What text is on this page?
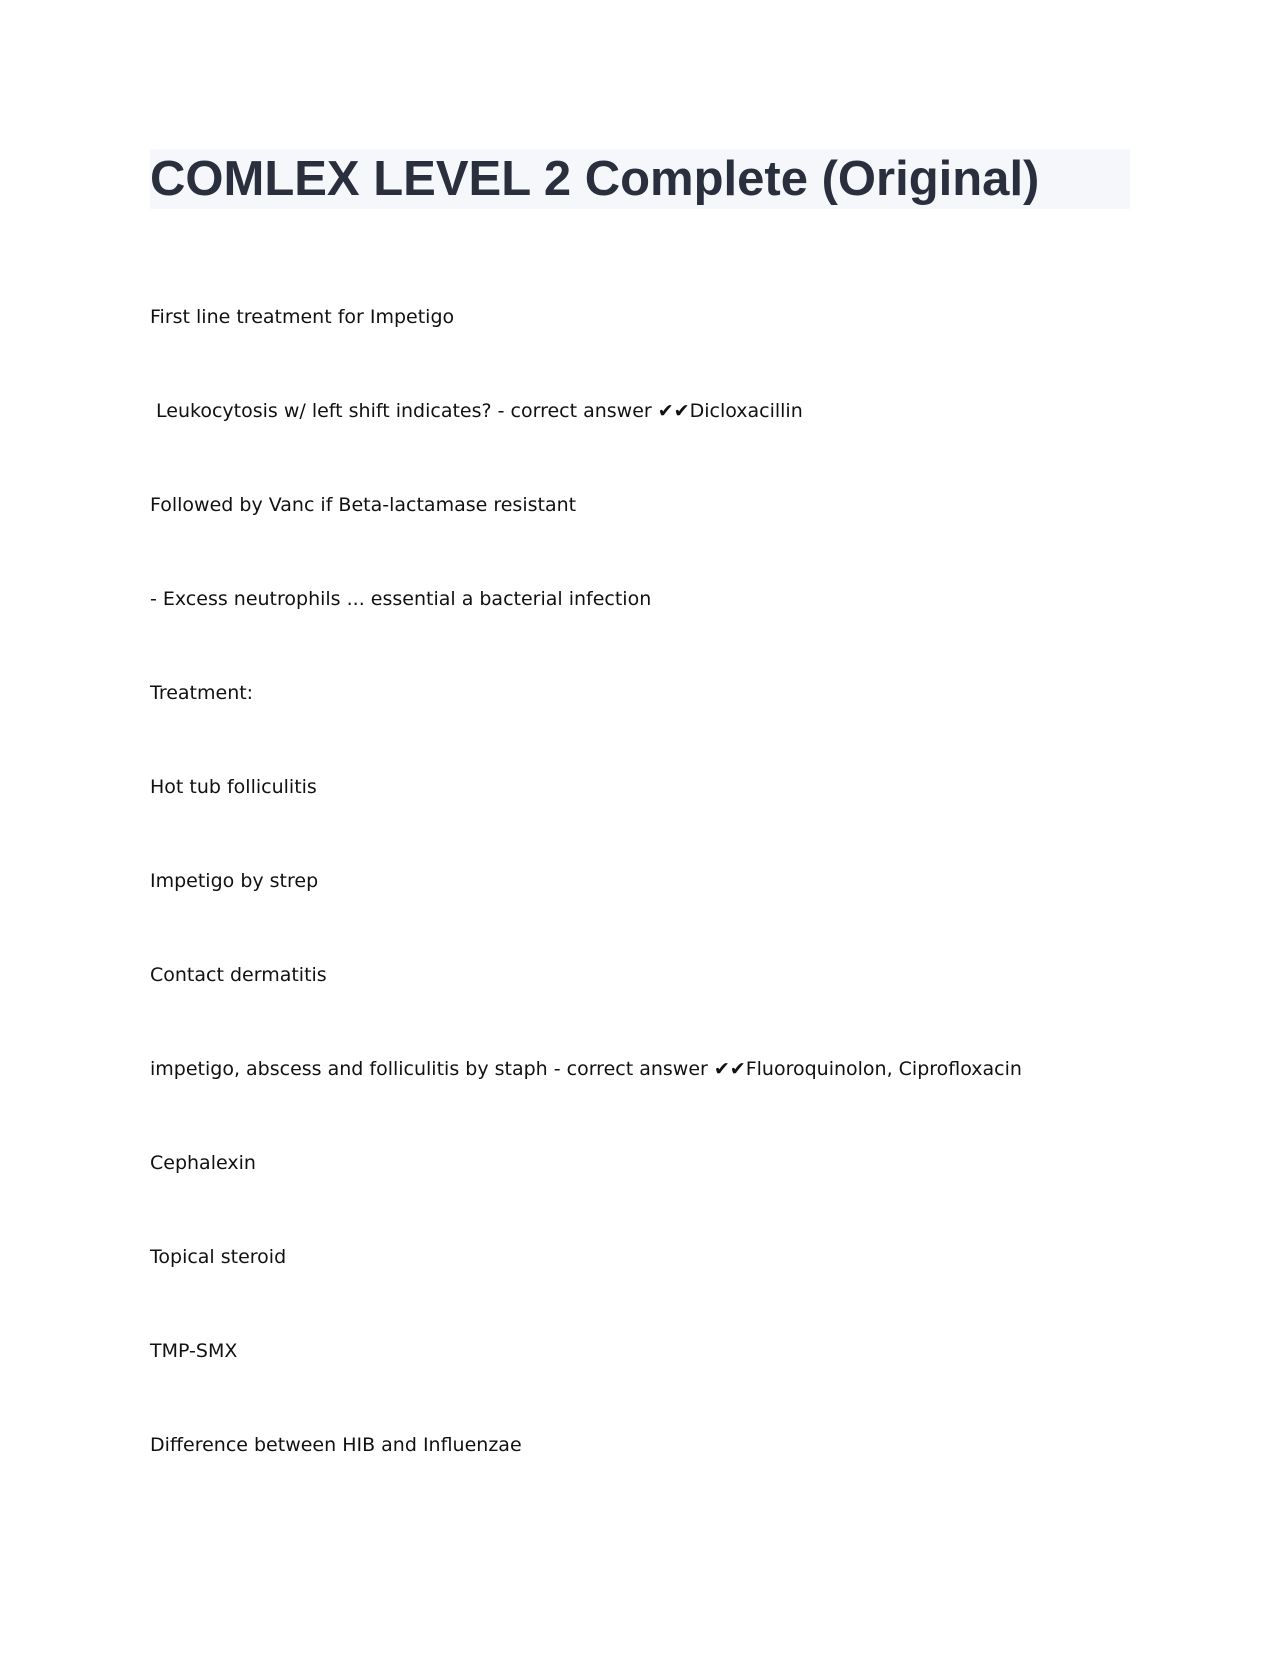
COMLEX LEVEL 2 Complete (Original)

First line treatment for Impetigo

Leukocytosis w/ left shift indicates? - correct answer ✔✔Dicloxacillin

Followed by Vanc if Beta-lactamase resistant

- Excess neutrophils ... essential a bacterial infection

Treatment:

Hot tub folliculitis

Impetigo by strep

Contact dermatitis

impetigo, abscess and folliculitis by staph - correct answer ✔✔Fluoroquinolon, Ciprofloxacin

Cephalexin

Topical steroid

TMP-SMX

Difference between HIB and Influenzae
